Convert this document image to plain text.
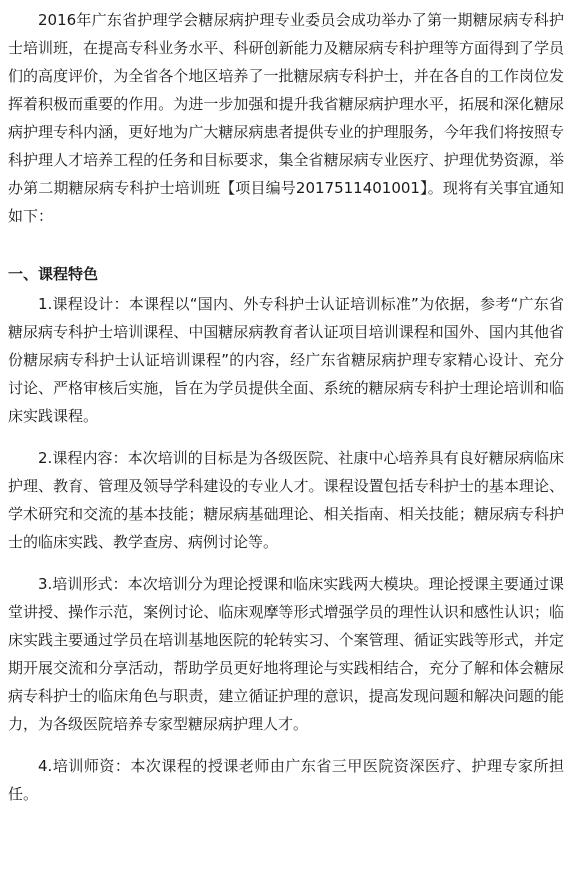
2016年广东省护理学会糖尿病护理专业委员会成功举办了第一期糖尿病专科护士培训班，在提高专科业务水平、科研创新能力及糖尿病专科护理等方面得到了学员们的高度评价，为全省各个地区培养了一批糖尿病专科护士，并在各自的工作岗位发挥着积极而重要的作用。为进一步加强和提升我省糖尿病护理水平，拓展和深化糖尿病护理专科内涵，更好地为广大糖尿病患者提供专业的护理服务，今年我们将按照专科护理人才培养工程的任务和目标要求，集全省糖尿病专业医疗、护理优势资源，举办第二期糖尿病专科护士培训班【项目编号2017511401001】。现将有关事宜通知如下：

一、课程特色

1.课程设计：本课程以“国内、外专科护士认证培训标准”为依据，参考“广东省糖尿病专科护士培训课程、中国糖尿病教育者认证项目培训课程和国外、国内其他省份糖尿病专科护士认证培训课程”的内容，经广东省糖尿病护理专家精心设计、充分讨论、严格审核后实施，旨在为学员提供全面、系统的糖尿病专科护士理论培训和临床实践课程。

2.课程内容：本次培训的目标是为各级医院、社康中心培养具有良好糖尿病临床护理、教育、管理及领导学科建设的专业人才。课程设置包括专科护士的基本理论、学术研究和交流的基本技能；糖尿病基础理论、相关指南、相关技能；糖尿病专科护士的临床实践、教学查房、病例讨论等。

3.培训形式：本次培训分为理论授课和临床实践两大模块。理论授课主要通过课堂讲授、操作示范，案例讨论、临床观摩等形式增强学员的理性认识和感性认识；临床实践主要通过学员在培训基地医院的轮转实习、个案管理、循证实践等形式，并定期开展交流和分享活动，帮助学员更好地将理论与实践相结合，充分了解和体会糖尿病专科护士的临床角色与职责，建立循证护理的意识，提高发现问题和解决问题的能力，为各级医院培养专家型糖尿病护理人才。

4.培训师资：本次课程的授课老师由广东省三甲医院资深医疗、护理专家所担任。
